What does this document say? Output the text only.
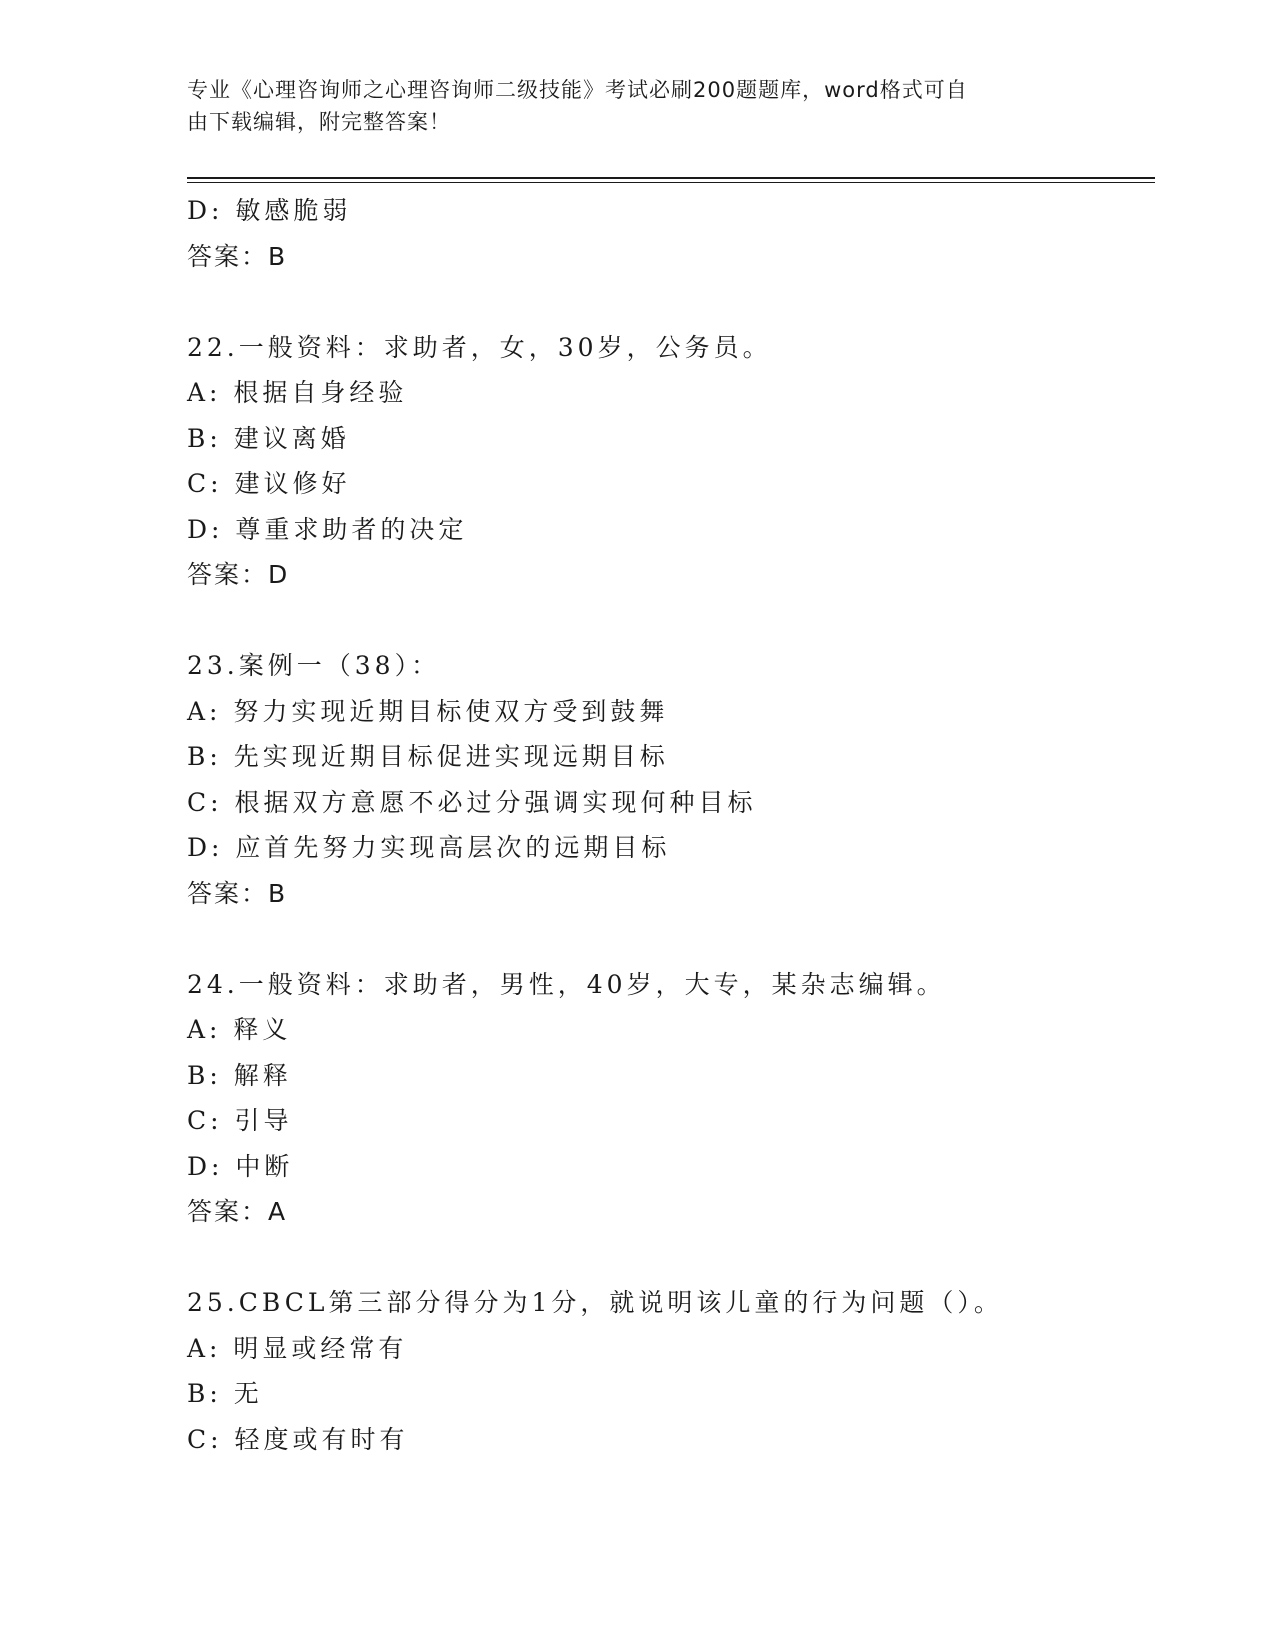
专业《心理咨询师之心理咨询师二级技能》考试必刷200题题库，word格式可自
由下载编辑，附完整答案！
D: 敏感脆弱
答案：B
22.一般资料：求助者，女，30岁，公务员。
A: 根据自身经验
B: 建议离婚
C: 建议修好
D: 尊重求助者的决定
答案：D
23.案例一（38）：
A: 努力实现近期目标使双方受到鼓舞
B: 先实现近期目标促进实现远期目标
C: 根据双方意愿不必过分强调实现何种目标
D: 应首先努力实现高层次的远期目标
答案：B
24.一般资料：求助者，男性，40岁，大专，某杂志编辑。
A: 释义
B: 解释
C: 引导
D: 中断
答案：A
25.CBCL第三部分得分为1分，就说明该儿童的行为问题（）。
A: 明显或经常有
B: 无
C: 轻度或有时有
